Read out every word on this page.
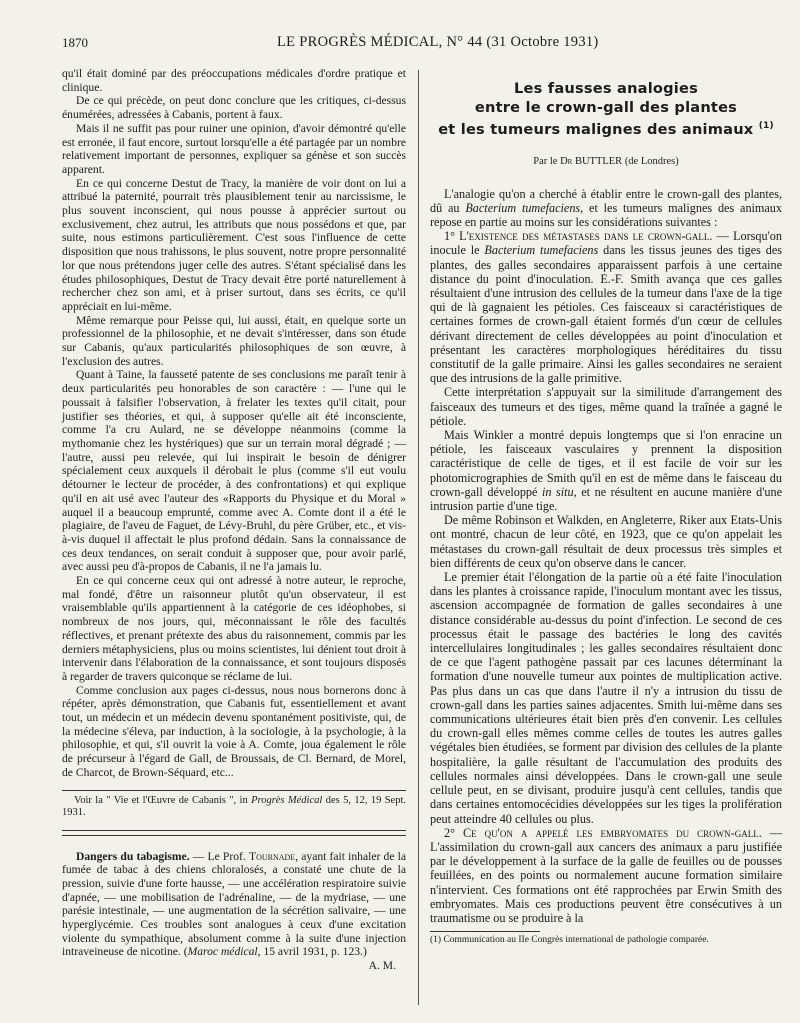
1870	LE PROGRÈS MÉDICAL, N° 44 (31 Octobre 1931)

qu'il était dominé par des préoccupations médicales d'ordre pratique et clinique.

De ce qui précède, on peut donc conclure que les critiques, ci-dessus énumérées, adressées à Cabanis, portent à faux.

Mais il ne suffit pas pour ruiner une opinion, d'avoir démontré qu'elle est erronée, il faut encore, surtout lorsqu'elle a été partagée par un nombre relativement important de personnes, expliquer sa génèse et son succès apparent.

En ce qui concerne Destut de Tracy, la manière de voir dont on lui a attribué la paternité, pourrait très plausiblement tenir au narcissisme, le plus souvent inconscient, qui nous pousse à apprécier surtout ou exclusivement, chez autrui, les attributs que nous possédons et que, par suite, nous estimons particulièrement. C'est sous l'influence de cette disposition que nous trahissons, le plus souvent, notre propre personnalité lor que nous prétendons juger celle des autres. S'étant spécialisé dans les études philosophiques, Destut de Tracy devait être porté naturellement à rechercher chez son ami, et à priser surtout, dans ses écrits, ce qu'il appréciait en lui-même.

Même remarque pour Peisse qui, lui aussi, était, en quelque sorte un professionnel de la philosophie, et ne devait s'intéresser, dans son étude sur Cabanis, qu'aux particularités philosophiques de son œuvre, à l'exclusion des autres.

Quant à Taine, la fausseté patente de ses conclusions me paraît tenir à deux particularités peu honorables de son caractère : — l'une qui le poussait à falsifier l'observation, à frelater les textes qu'il citait, pour justifier ses théories, et qui, à supposer qu'elle ait été inconsciente, comme l'a cru Aulard, ne se développe néanmoins (comme la mythomanie chez les hystériques) que sur un terrain moral dégradé ; — l'autre, aussi peu relevée, qui lui inspirait le besoin de dénigrer spécialement ceux auxquels il dérobait le plus (comme s'il eut voulu détourner le lecteur de procéder, à des confrontations) et qui explique qu'il en ait usé avec l'auteur des «Rapports du Physique et du Moral » auquel il a beaucoup emprunté, comme avec A. Comte dont il a été le plagiaire, de l'aveu de Faguet, de Lévy-Bruhl, du père Grüber, etc., et vis-à-vis duquel il affectait le plus profond dédain. Sans la connaissance de ces deux tendances, on serait conduit à supposer que, pour avoir parlé, avec aussi peu d'à-propos de Cabanis, il ne l'a jamais lu.

En ce qui concerne ceux qui ont adressé à notre auteur, le reproche, mal fondé, d'être un raisonneur plutôt qu'un observateur, il est vraisemblable qu'ils appartiennent à la catégorie de ces idéophobes, si nombreux de nos jours, qui, méconnaissant le rôle des facultés réflectives, et prenant prétexte des abus du raisonnement, commis par les derniers métaphysiciens, plus ou moins scientistes, lui dénient tout droit à intervenir dans l'élaboration de la connaissance, et sont toujours disposés à regarder de travers quiconque se réclame de lui.

Comme conclusion aux pages ci-dessus, nous nous bornerons donc à répéter, après démonstration, que Cabanis fut, essentiellement et avant tout, un médecin et un médecin devenu spontanément positiviste, qui, de la médecine s'éleva, par induction, à la sociologie, à la psychologie, à la philosophie, et qui, s'il ouvrit la voie à A. Comte, joua également le rôle de précurseur à l'égard de Gall, de Broussais, de Cl. Bernard, de Morel, de Charcot, de Brown-Séquard, etc...

Voir la " Vie et l'Œuvre de Cabanis ", in Progrès Médical des 5, 12, 19 Sept. 1931.

Dangers du tabagisme. — Le Prof. Tournade, ayant fait inhaler de la fumée de tabac à des chiens chloralosés, a constaté une chute de la pression, suivie d'une forte hausse, — une accélération respiratoire suivie d'apnée, — une mobilisation de l'adrénaline, — de la mydriase, — une parésie intestinale, — une augmentation de la sécrétion salivaire, — une hyperglycémie. Ces troubles sont analogues à ceux d'une excitation violente du sympathique, absolument comme à la suite d'une injection intraveineuse de nicotine. (Maroc médical, 15 avril 1931, p. 123.)

A. M.

Les fausses analogies
entre le crown-gall des plantes
et les tumeurs malignes des animaux $^{(1)}$
Par le Dr BUTTLER (de Londres)

L'analogie qu'on a cherché à établir entre le crown-gall des plantes, dû au Bacterium tumefaciens, et les tumeurs malignes des animaux repose en partie au moins sur les considérations suivantes :

1° L'existence des métastases dans le crown-gall. — Lorsqu'on inocule le Bacterium tumefaciens dans les tissus jeunes des tiges des plantes, des galles secondaires apparaissent parfois à une certaine distance du point d'inoculation. E.-F. Smith avança que ces galles résultaient d'une intrusion des cellules de la tumeur dans l'axe de la tige qui de là gagnaient les pétioles. Ces faisceaux si caractéristiques de certaines formes de crown-gall étaient formés d'un cœur de cellules dérivant directement de celles développées au point d'inoculation et présentant les caractères morphologiques héréditaires du tissu constitutif de la galle primaire. Ainsi les galles secondaires ne seraient que des intrusions de la galle primitive.

Cette interprétation s'appuyait sur la similitude d'arrangement des faisceaux des tumeurs et des tiges, même quand la traînée a gagné le pétiole.

Mais Winkler a montré depuis longtemps que si l'on enracine un pétiole, les faisceaux vasculaires y prennent la disposition caractéristique de celle de tiges, et il est facile de voir sur les photomicrographies de Smith qu'il en est de même dans le faisceau du crown-gall développé in situ, et ne résultent en aucune manière d'une intrusion partie d'une tige.

De même Robinson et Walkden, en Angleterre, Riker aux Etats-Unis ont montré, chacun de leur côté, en 1923, que ce qu'on appelait les métastases du crown-gall résultait de deux processus très simples et bien différents de ceux qu'on observe dans le cancer.

Le premier était l'élongation de la partie où a été faite l'inoculation dans les plantes à croissance rapide, l'inoculum montant avec les tissus, ascension accompagnée de formation de galles secondaires à une distance considérable au-dessus du point d'infection. Le second de ces processus était le passage des bactéries le long des cavités intercellulaires longitudinales ; les galles secondaires résultaient donc de ce que l'agent pathogène passait par ces lacunes déterminant la formation d'une nouvelle tumeur aux pointes de multiplication active. Pas plus dans un cas que dans l'autre il n'y a intrusion du tissu de crown-gall dans les parties saines adjacentes. Smith lui-même dans ses communications ultérieures était bien près d'en convenir. Les cellules du crown-gall elles mêmes comme celles de toutes les autres galles végétales bien étudiées, se forment par division des cellules de la plante hospitalière, la galle résultant de l'accumulation des produits des cellules normales ainsi développées. Dans le crown-gall une seule cellule peut, en se divisant, produire jusqu'à cent cellules, tandis que dans certaines entomocécidies développées sur les tiges la prolifération peut atteindre 40 cellules ou plus.

2° Ce qu'on a appelé les embryomates du crown-gall. — L'assimilation du crown-gall aux cancers des animaux a paru justifiée par le développement à la surface de la galle de feuilles ou de pousses feuillées, en des points ou normalement aucune formation similaire n'intervient. Ces formations ont été rapprochées par Erwin Smith des embryomates. Mais ces productions peuvent être consécutives à un traumatisme ou se produire à la

(1) Communication au IIe Congrès international de pathologie comparée.
